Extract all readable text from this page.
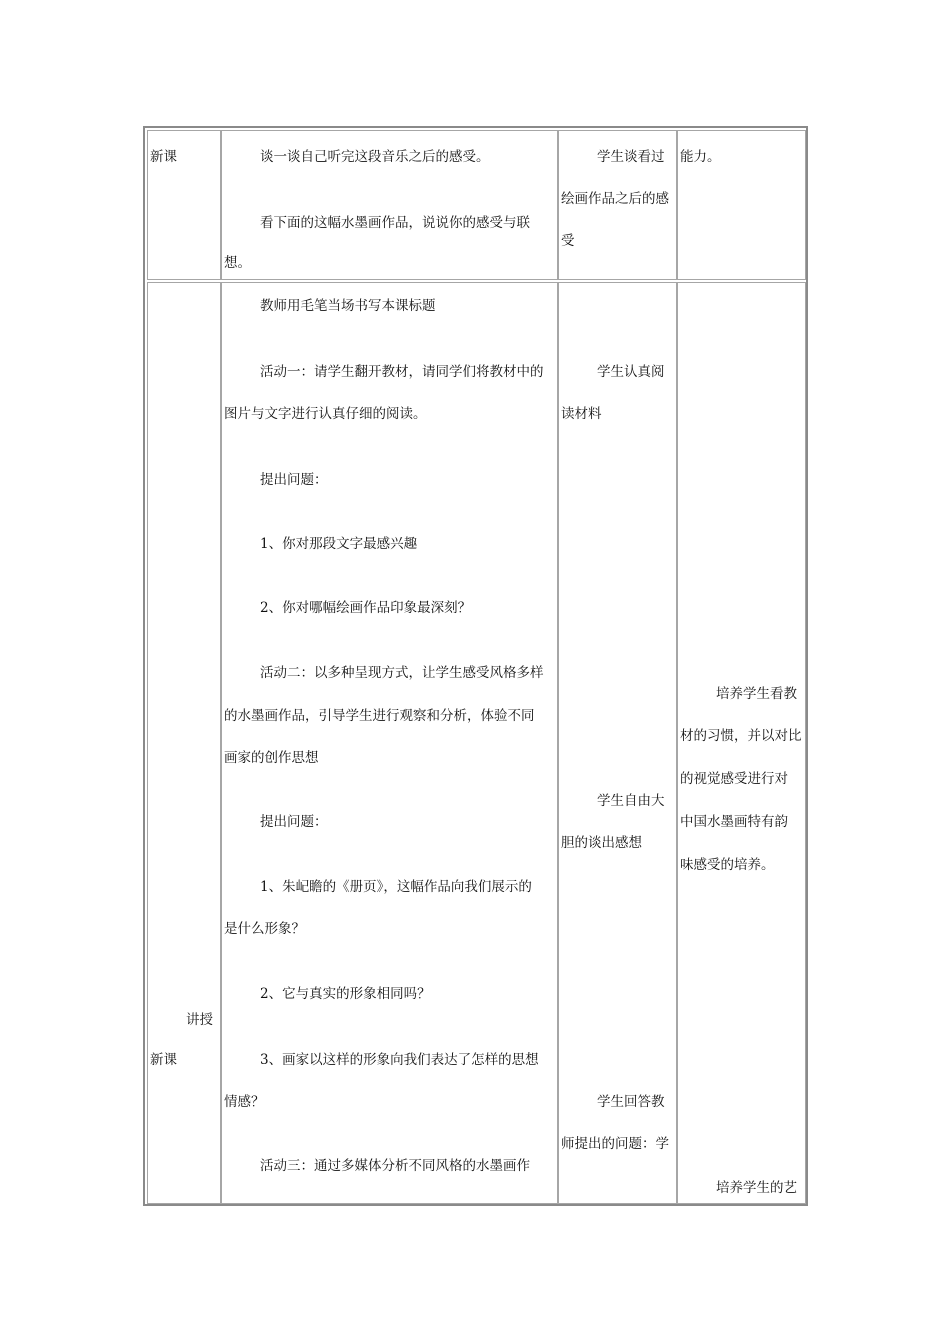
新课	谈一谈自己听完这段音乐之后的感受。
看下面的这幅水墨画作品，说说你的感受与联
想。
学生谈看过
绘画作品之后的感
受
能力。
讲授
新课
教师用毛笔当场书写本课标题
活动一：请学生翻开教材，请同学们将教材中的
图片与文字进行认真仔细的阅读。
提出问题：
1、你对那段文字最感兴趣
2、你对哪幅绘画作品印象最深刻？
活动二：以多种呈现方式，让学生感受风格多样
的水墨画作品，引导学生进行观察和分析，体验不同
画家的创作思想
提出问题：
1、朱屺瞻的《册页》，这幅作品向我们展示的
是什么形象？
2、它与真实的形象相同吗？
3、画家以这样的形象向我们表达了怎样的思想
情感？
活动三：通过多媒体分析不同风格的水墨画作
学生认真阅
读材料
学生自由大
胆的谈出感想
学生回答教
师提出的问题：学
培养学生看教
材的习惯，并以对比
的视觉感受进行对
中国水墨画特有韵
味感受的培养。
培养学生的艺
